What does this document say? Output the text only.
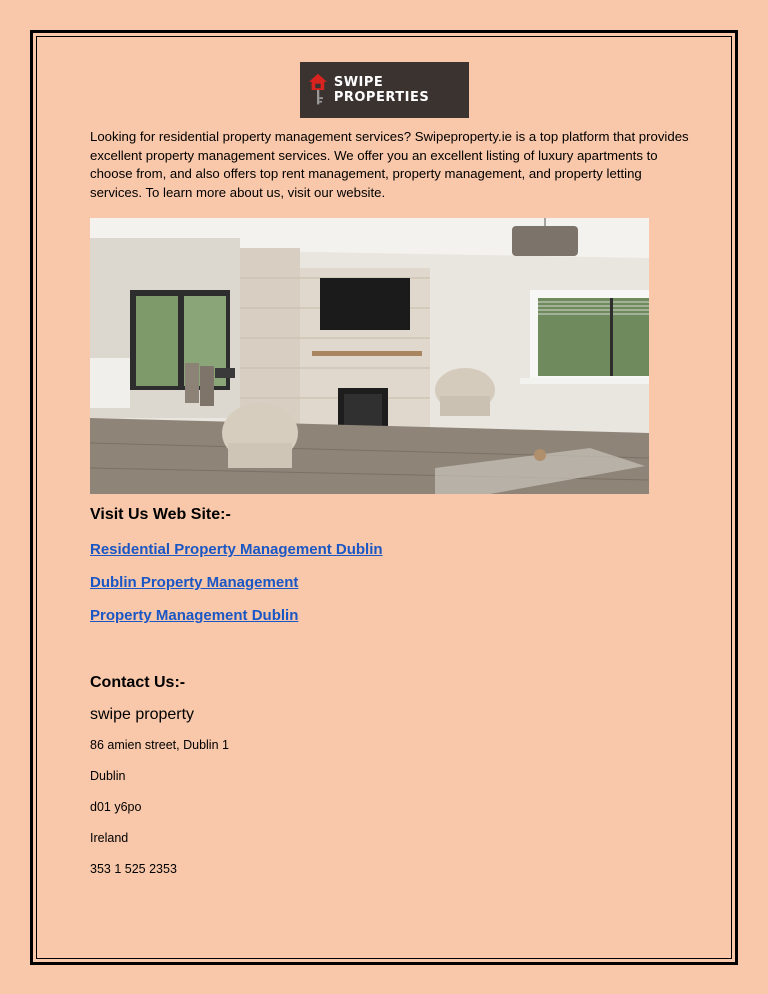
SWIPE PROPERTIES
Looking for residential property management services? Swipeproperty.ie is a top platform that provides excellent property management services. We offer you an excellent listing of luxury apartments to choose from, and also offers top rent management, property management, and property letting services. To learn more about us, visit our website.
Visit Us Web Site:-
Residential Property Management Dublin
Dublin Property Management
Property Management Dublin
Contact Us:-
swipe property
86 amien street, Dublin 1
Dublin
d01 y6po
Ireland
353 1 525 2353
